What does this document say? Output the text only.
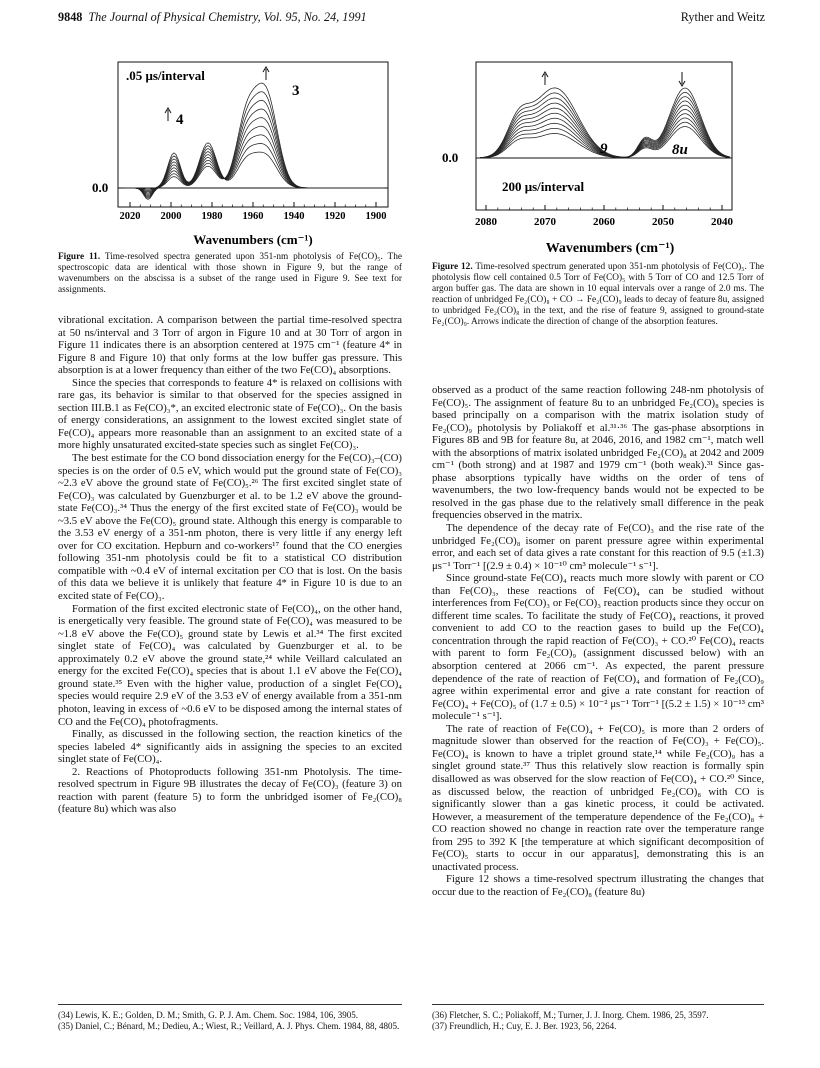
9848 The Journal of Physical Chemistry, Vol. 95, No. 24, 1991	Ryther and Weitz
.05 μs/interval
3
4
0.0
2020 2000 1980 1960 1940 1920 1900
Wavenumbers (cm⁻¹)
Figure 11. Time-resolved spectra generated upon 351-nm photolysis of Fe(CO)₅. The spectroscopic data are identical with those shown in Figure 9, but the range of wavenumbers on the abscissa is a subset of the range used in Figure 9. See text for assignments.
0.0
9	8u
200 μs/interval
2080	2070	2060	2050	2040
Wavenumbers (cm⁻¹)
Figure 12. Time-resolved spectrum generated upon 351-nm photolysis of Fe(CO)₅. The photolysis flow cell contained 0.5 Torr of Fe(CO)₅ with 5 Torr of CO and 12.5 Torr of argon buffer gas. The data are shown in 10 equal intervals over a range of 2.0 ms. The reaction of unbridged Fe₂(CO)₈ + CO → Fe₂(CO)₉ leads to decay of feature 8u, assigned to unbridged Fe₂(CO)₈ in the text, and the rise of feature 9, assigned to ground-state Fe₂(CO)₉. Arrows indicate the direction of change of the absorption features.

vibrational excitation. A comparison between the partial time-resolved spectra at 50 ns/interval and 3 Torr of argon in Figure 10 and at 30 Torr of argon in Figure 11 indicates there is an absorption centered at 1975 cm⁻¹ (feature 4* in Figure 8 and Figure 10) that only forms at the low buffer gas pressure. This absorption is at a lower frequency than either of the two Fe(CO)₄ absorptions.

Since the species that corresponds to feature 4* is relaxed on collisions with rare gas, its behavior is similar to that observed for the species assigned in section III.B.1 as Fe(CO)₃*, an excited electronic state of Fe(CO)₃. On the basis of energy considerations, an assignment to the lowest excited singlet state of Fe(CO)₄ appears more reasonable than an assignment to an excited state of a more highly unsaturated excited-state species such as singlet Fe(CO)₃.

The best estimate for the CO bond dissociation energy for the Fe(CO)₃–(CO) species is on the order of 0.5 eV, which would put the ground state of Fe(CO)₃ ~2.3 eV above the ground state of Fe(CO)₅.²⁶ The first excited singlet state of Fe(CO)₃ was calculated by Guenzburger et al. to be 1.2 eV above the ground-state Fe(CO)₃.³⁴ Thus the energy of the first excited state of Fe(CO)₃ would be ~3.5 eV above the Fe(CO)₅ ground state. Although this energy is comparable to the 3.53 eV energy of a 351-nm photon, there is very little if any energy left over for CO excitation. Hepburn and co-workers¹⁷ found that the CO energies following 351-nm photolysis could be fit to a statistical CO distribution compatible with ~0.4 eV of internal excitation per CO that is lost. On the basis of this data we believe it is unlikely that feature 4* in Figure 10 is due to an excited state of Fe(CO)₃.

Formation of the first excited electronic state of Fe(CO)₄, on the other hand, is energetically very feasible. The ground state of Fe(CO)₄ was measured to be ~1.8 eV above the Fe(CO)₅ ground state by Lewis et al.³⁴ The first excited singlet state of Fe(CO)₄ was calculated by Guenzburger et al. to be approximately 0.2 eV above the ground state,²⁴ while Veillard calculated an energy for the excited Fe(CO)₄ species that is about 1.1 eV above the Fe(CO)₄ ground state.³⁵ Even with the higher value, production of a singlet Fe(CO)₄ species would require 2.9 eV of the 3.53 eV of energy available from a 351-nm photon, leaving in excess of ~0.6 eV to be disposed among the internal states of CO and the Fe(CO)₄ photofragments.

Finally, as discussed in the following section, the reaction kinetics of the species labeled 4* significantly aids in assigning the species to an excited singlet state of Fe(CO)₄.

2. Reactions of Photoproducts following 351-nm Photolysis. The time-resolved spectrum in Figure 9B illustrates the decay of Fe(CO)₃ (feature 3) on reaction with parent (feature 5) to form the unbridged isomer of Fe₂(CO)₈ (feature 8u) which was also

observed as a product of the same reaction following 248-nm photolysis of Fe(CO)₅. The assignment of feature 8u to an unbridged Fe₂(CO)₈ species is based principally on a comparison with the matrix isolation study of Fe₂(CO)₉ photolysis by Poliakoff et al.³¹·³⁶ The gas-phase absorptions in Figures 8B and 9B for feature 8u, at 2046, 2016, and 1982 cm⁻¹, match well with the absorptions of matrix isolated unbridged Fe₂(CO)₈ at 2042 and 2009 cm⁻¹ (both strong) and at 1987 and 1979 cm⁻¹ (both weak).³¹ Since gas-phase absorptions typically have widths on the order of tens of wavenumbers, the two low-frequency bands would not be expected to be resolved in the gas phase due to the relatively small difference in the peak frequencies observed in the matrix.

The dependence of the decay rate of Fe(CO)₃ and the rise rate of the unbridged Fe₂(CO)₈ isomer on parent pressure agree within experimental error, and each set of data gives a rate constant for this reaction of 9.5 (±1.3) μs⁻¹ Torr⁻¹ [(2.9 ± 0.4) × 10⁻¹⁰ cm³ molecule⁻¹ s⁻¹].

Since ground-state Fe(CO)₄ reacts much more slowly with parent or CO than Fe(CO)₃, these reactions of Fe(CO)₄ can be studied without interferences from Fe(CO)₃ or Fe(CO)₃ reaction products since they occur on different time scales. To facilitate the study of Fe(CO)₄ reactions, it proved convenient to add CO to the reaction gases to build up the Fe(CO)₄ concentration through the rapid reaction of Fe(CO)₃ + CO.²⁰ Fe(CO)₄ reacts with parent to form Fe₂(CO)₉ (assignment discussed below) with an absorption centered at 2066 cm⁻¹. As expected, the parent pressure dependence of the rate of reaction of Fe(CO)₄ and formation of Fe₂(CO)₉ agree within experimental error and give a rate constant for reaction of Fe(CO)₄ + Fe(CO)₅ of (1.7 ± 0.5) × 10⁻² μs⁻¹ Torr⁻¹ [(5.2 ± 1.5) × 10⁻¹³ cm³ molecule⁻¹ s⁻¹].

The rate of reaction of Fe(CO)₄ + Fe(CO)₅ is more than 2 orders of magnitude slower than observed for the reaction of Fe(CO)₃ + Fe(CO)₅. Fe(CO)₄ is known to have a triplet ground state,¹⁴ while Fe₂(CO)₉ has a singlet ground state.³⁷ Thus this relatively slow reaction is formally spin disallowed as was observed for the slow reaction of Fe(CO)₄ + CO.²⁰ Since, as discussed below, the reaction of unbridged Fe₂(CO)₈ with CO is significantly slower than a gas kinetic process, it could be activated. However, a measurement of the temperature dependence of the Fe₂(CO)₈ + CO reaction showed no change in reaction rate over the temperature range from 295 to 392 K [the temperature at which significant decomposition of Fe(CO)₅ starts to occur in our apparatus], demonstrating this is an unactivated process.

Figure 12 shows a time-resolved spectrum illustrating the changes that occur due to the reaction of Fe₂(CO)₈ (feature 8u)

(34) Lewis, K. E.; Golden, D. M.; Smith, G. P. J. Am. Chem. Soc. 1984, 106, 3905.

(35) Daniel, C.; Bénard, M.; Dedieu, A.; Wiest, R.; Veillard, A. J. Phys. Chem. 1984, 88, 4805.

(36) Fletcher, S. C.; Poliakoff, M.; Turner, J. J. Inorg. Chem. 1986, 25, 3597.

(37) Freundlich, H.; Cuy, E. J. Ber. 1923, 56, 2264.
